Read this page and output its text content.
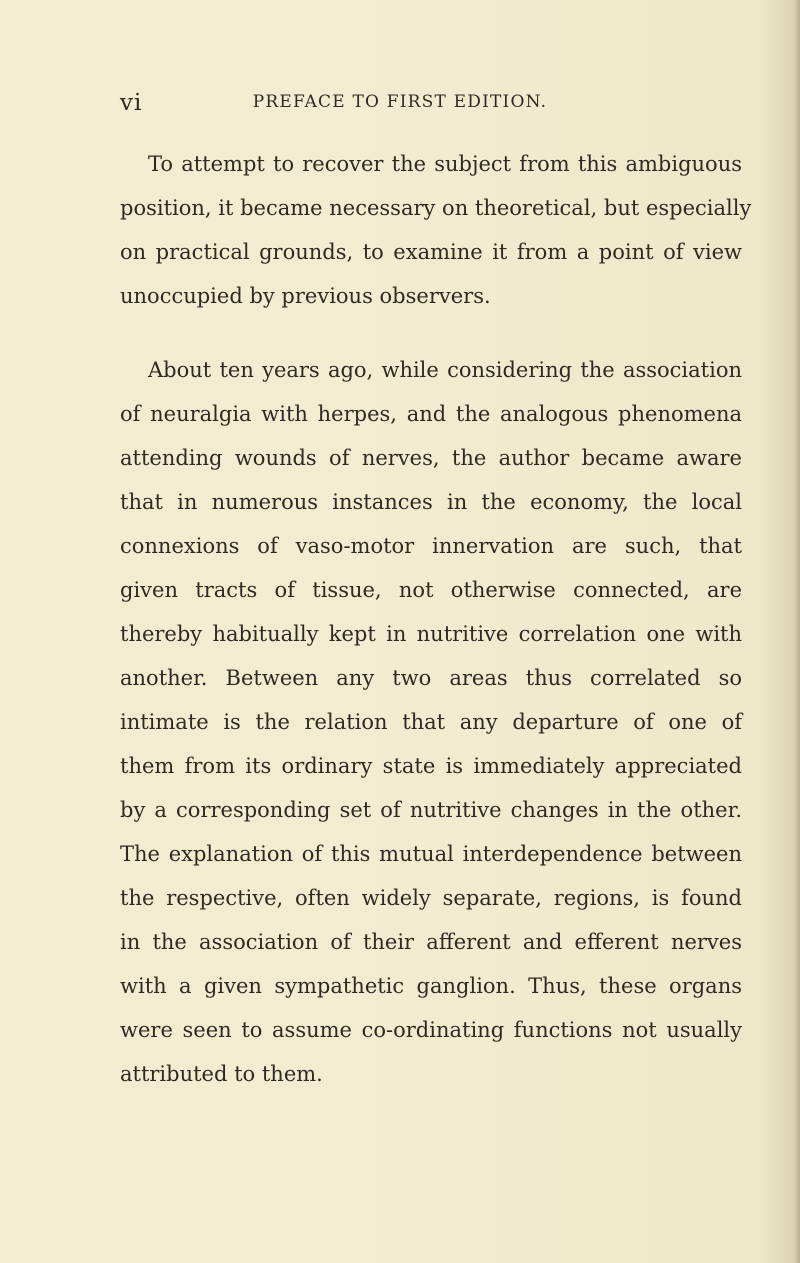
vi	PREFACE TO FIRST EDITION.

To attempt to recover the subject from this ambiguous
position, it became necessary on theoretical, but especially
on practical grounds, to examine it from a point of view
unoccupied by previous observers.

About ten years ago, while considering the association
of neuralgia with herpes, and the analogous phenomena
attending wounds of nerves, the author became aware
that in numerous instances in the economy, the local
connexions of vaso-motor innervation are such, that
given tracts of tissue, not otherwise connected, are
thereby habitually kept in nutritive correlation one with
another. Between any two areas thus correlated so
intimate is the relation that any departure of one of
them from its ordinary state is immediately appreciated
by a corresponding set of nutritive changes in the other.
The explanation of this mutual interdependence between
the respective, often widely separate, regions, is found
in the association of their afferent and efferent nerves
with a given sympathetic ganglion. Thus, these organs
were seen to assume co-ordinating functions not usually
attributed to them.
